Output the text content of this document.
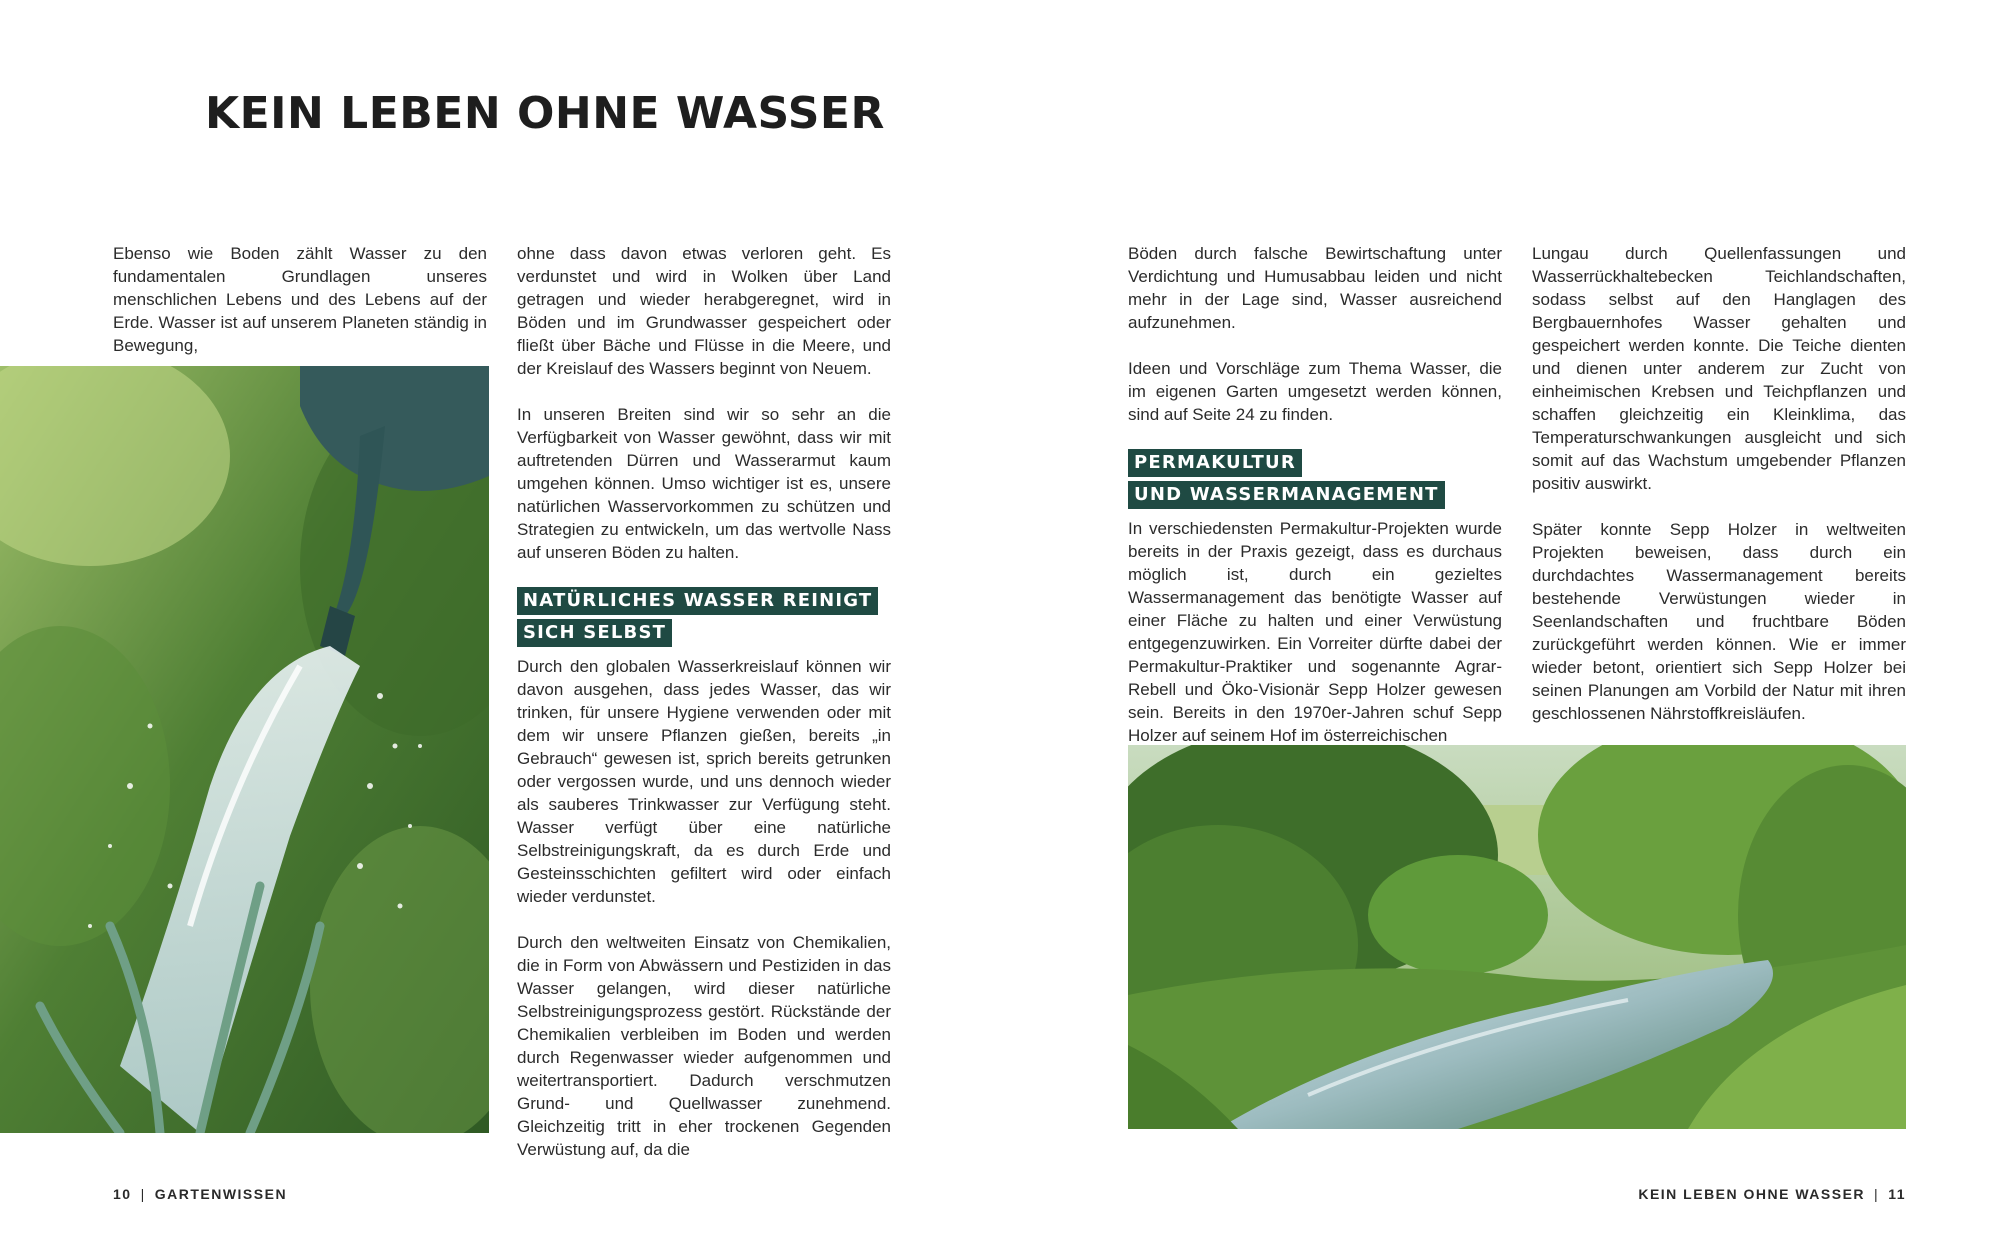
KEIN LEBEN OHNE WASSER

Ebenso wie Boden zählt Wasser zu den fundamentalen Grundlagen unseres menschlichen Lebens und des Lebens auf der Erde. Wasser ist auf unserem Planeten ständig in Bewegung,

ohne dass davon etwas verloren geht. Es verdunstet und wird in Wolken über Land getragen und wieder herabgeregnet, wird in Böden und im Grundwasser gespeichert oder fließt über Bäche und Flüsse in die Meere, und der Kreislauf des Wassers beginnt von Neuem.

In unseren Breiten sind wir so sehr an die Verfügbarkeit von Wasser gewöhnt, dass wir mit auftretenden Dürren und Wasserarmut kaum umgehen können. Umso wichtiger ist es, unsere natürlichen Wasservorkommen zu schützen und Strategien zu entwickeln, um das wertvolle Nass auf unseren Böden zu halten.

NATÜRLICHES WASSER REINIGT
SICH SELBST

Durch den globalen Wasserkreislauf können wir davon ausgehen, dass jedes Wasser, das wir trinken, für unsere Hygiene verwenden oder mit dem wir unsere Pflanzen gießen, bereits „in Gebrauch“ gewesen ist, sprich bereits getrunken oder vergossen wurde, und uns dennoch wieder als sauberes Trinkwasser zur Verfügung steht. Wasser verfügt über eine natürliche Selbstreinigungskraft, da es durch Erde und Gesteinsschichten gefiltert wird oder einfach wieder verdunstet.

Durch den weltweiten Einsatz von Chemikalien, die in Form von Abwässern und Pestiziden in das Wasser gelangen, wird dieser natürliche Selbstreinigungsprozess gestört. Rückstände der Chemikalien verbleiben im Boden und werden durch Regenwasser wieder aufgenommen und weitertransportiert. Dadurch verschmutzen Grund- und Quellwasser zunehmend. Gleichzeitig tritt in eher trockenen Gegenden Verwüstung auf, da die

Böden durch falsche Bewirtschaftung unter Verdichtung und Humusabbau leiden und nicht mehr in der Lage sind, Wasser ausreichend aufzunehmen.

Ideen und Vorschläge zum Thema Wasser, die im eigenen Garten umgesetzt werden können, sind auf Seite 24 zu finden.

PERMAKULTUR
UND WASSERMANAGEMENT

In verschiedensten Permakultur-Projekten wurde bereits in der Praxis gezeigt, dass es durchaus möglich ist, durch ein gezieltes Wassermanagement das benötigte Wasser auf einer Fläche zu halten und einer Verwüstung entgegenzuwirken. Ein Vorreiter dürfte dabei der Permakultur-Praktiker und sogenannte Agrar-Rebell und Öko-Visionär Sepp Holzer gewesen sein. Bereits in den 1970er-Jahren schuf Sepp Holzer auf seinem Hof im österreichischen

Lungau durch Quellenfassungen und Wasserrückhaltebecken Teichlandschaften, sodass selbst auf den Hanglagen des Bergbauernhofes Wasser gehalten und gespeichert werden konnte. Die Teiche dienten und dienen unter anderem zur Zucht von einheimischen Krebsen und Teichpflanzen und schaffen gleichzeitig ein Kleinklima, das Temperaturschwankungen ausgleicht und sich somit auf das Wachstum umgebender Pflanzen positiv auswirkt.

Später konnte Sepp Holzer in weltweiten Projekten beweisen, dass durch ein durchdachtes Wassermanagement bereits bestehende Verwüstungen wieder in Seenlandschaften und fruchtbare Böden zurückgeführt werden können. Wie er immer wieder betont, orientiert sich Sepp Holzer bei seinen Planungen am Vorbild der Natur mit ihren geschlossenen Nährstoffkreisläufen.

10 | GARTENWISSEN	KEIN LEBEN OHNE WASSER | 11
